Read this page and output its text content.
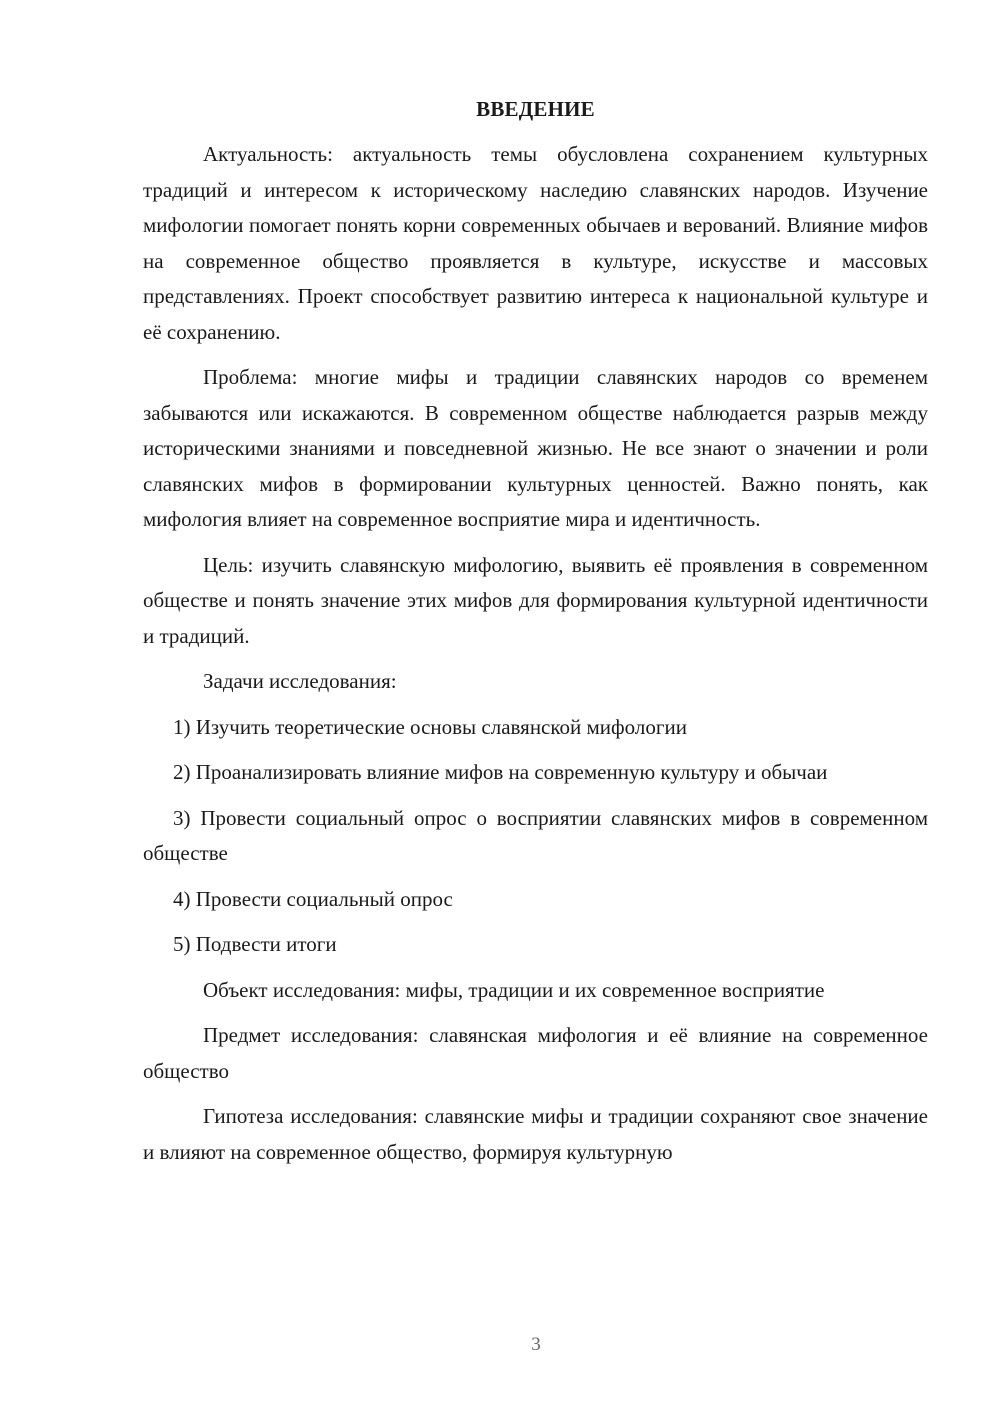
ВВЕДЕНИЕ

Актуальность: актуальность темы обусловлена сохранением культурных традиций и интересом к историческому наследию славянских народов. Изучение мифологии помогает понять корни современных обычаев и верований. Влияние мифов на современное общество проявляется в культуре, искусстве и массовых представлениях. Проект способствует развитию интереса к национальной культуре и её сохранению.

Проблема: многие мифы и традиции славянских народов со временем забываются или искажаются. В современном обществе наблюдается разрыв между историческими знаниями и повседневной жизнью. Не все знают о значении и роли славянских мифов в формировании культурных ценностей. Важно понять, как мифология влияет на современное восприятие мира и идентичность.

Цель: изучить славянскую мифологию, выявить её проявления в современном обществе и понять значение этих мифов для формирования культурной идентичности и традиций.

Задачи исследования:

1) Изучить теоретические основы славянской мифологии

2) Проанализировать влияние мифов на современную культуру и обычаи

3) Провести социальный опрос о восприятии славянских мифов в современном обществе

4) Провести социальный опрос

5) Подвести итоги

Объект исследования: мифы, традиции и их современное восприятие

Предмет исследования: славянская мифология и её влияние на современное общество

Гипотеза исследования: славянские мифы и традиции сохраняют свое значение и влияют на современное общество, формируя культурную

3
